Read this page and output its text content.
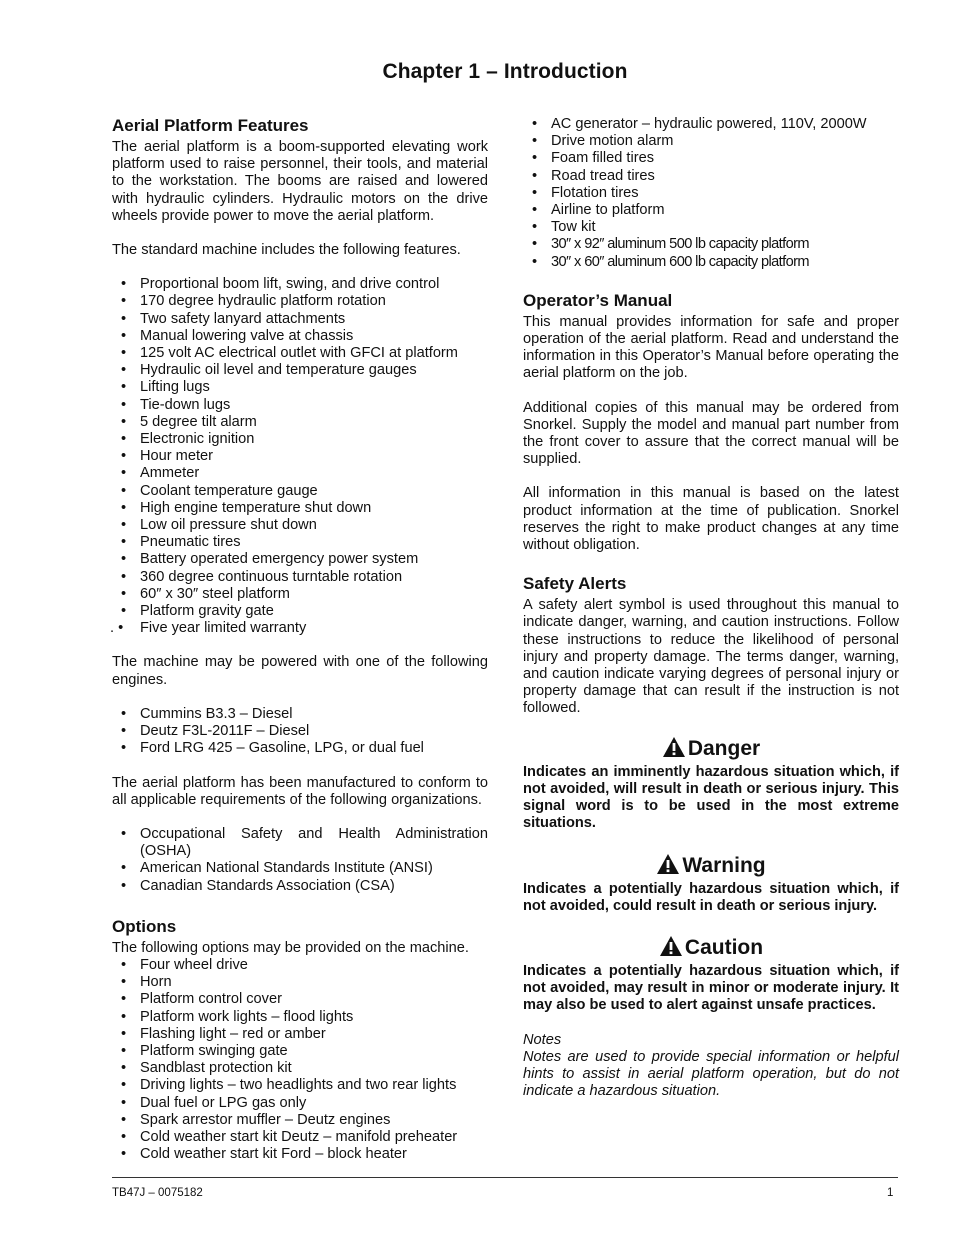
Chapter 1 – Introduction
Aerial Platform Features

The aerial platform is a boom-supported elevating work platform used to raise personnel, their tools, and material to the workstation. The booms are raised and lowered with hydraulic cylinders. Hydraulic motors on the drive wheels provide power to move the aerial platform.

The standard machine includes the following features.

• Proportional boom lift, swing, and drive control
• 170 degree hydraulic platform rotation
• Two safety lanyard attachments
• Manual lowering valve at chassis
• 125 volt AC electrical outlet with GFCI at platform
• Hydraulic oil level and temperature gauges
• Lifting lugs
• Tie-down lugs
• 5 degree tilt alarm
• Electronic ignition
• Hour meter
• Ammeter
• Coolant temperature gauge
• High engine temperature shut down
• Low oil pressure shut down
• Pneumatic tires
• Battery operated emergency power system
• 360 degree continuous turntable rotation
• 60″ x 30″ steel platform
• Platform gravity gate
. • Five year limited warranty

The machine may be powered with one of the following engines.

• Cummins B3.3 – Diesel
• Deutz F3L-2011F – Diesel
• Ford LRG 425 – Gasoline, LPG, or dual fuel

The aerial platform has been manufactured to conform to all applicable requirements of the following organizations.

• Occupational Safety and Health Administration (OSHA)
• American National Standards Institute (ANSI)
• Canadian Standards Association (CSA)
Options

The following options may be provided on the machine.

• Four wheel drive
• Horn
• Platform control cover
• Platform work lights – flood lights
• Flashing light – red or amber
• Platform swinging gate
• Sandblast protection kit
• Driving lights – two headlights and two rear lights
• Dual fuel or LPG gas only
• Spark arrestor muffler – Deutz engines
• Cold weather start kit Deutz – manifold preheater
• Cold weather start kit Ford – block heater
• AC generator – hydraulic powered, 110V, 2000W
• Drive motion alarm
• Foam filled tires
• Road tread tires
• Flotation tires
• Airline to platform
• Tow kit
• 30″ x 92″ aluminum 500 lb capacity platform
• 30″ x 60″ aluminum 600 lb capacity platform
Operator’s Manual

This manual provides information for safe and proper operation of the aerial platform. Read and understand the information in this Operator’s Manual before operating the aerial platform on the job.

Additional copies of this manual may be ordered from Snorkel. Supply the model and manual part number from the front cover to assure that the correct manual will be supplied.

All information in this manual is based on the latest product information at the time of publication. Snorkel reserves the right to make product changes at any time without obligation.

Safety Alerts

A safety alert symbol is used throughout this manual to indicate danger, warning, and caution instructions. Follow these instructions to reduce the likelihood of personal injury and property damage. The terms danger, warning, and caution indicate varying degrees of personal injury or property damage that can result if the instruction is not followed.

Danger

Indicates an imminently hazardous situation which, if not avoided, will result in death or serious injury. This signal word is to be used in the most extreme situations.

Warning

Indicates a potentially hazardous situation which, if not avoided, could result in death or serious injury.

Caution

Indicates a potentially hazardous situation which, if not avoided, may result in minor or moderate injury. It may also be used to alert against unsafe practices.

Notes

Notes are used to provide special information or helpful hints to assist in aerial platform operation, but do not indicate a hazardous situation.

TB47J – 0075182	1
